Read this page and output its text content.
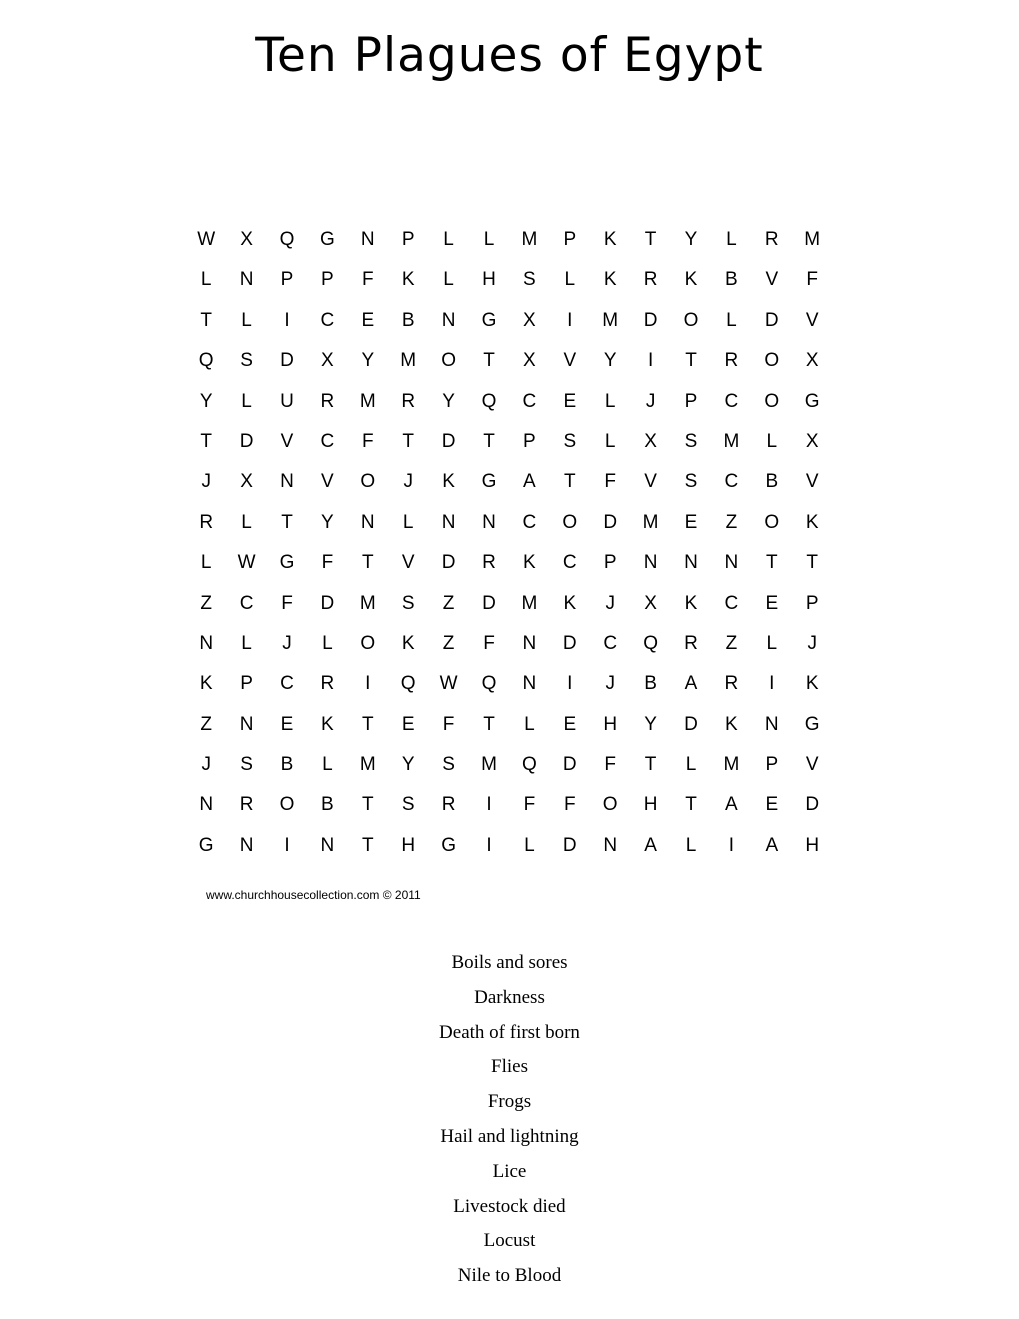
Ten Plagues of Egypt
W	X	Q	G	N	P	L	L	M	P	K	T	Y	L	R	M
L	N	P	P	F	K	L	H	S	L	K	R	K	B	V	F
T	L	I	C	E	B	N	G	X	I	M	D	O	L	D	V
Q	S	D	X	Y	M	O	T	X	V	Y	I	T	R	O	X
Y	L	U	R	M	R	Y	Q	C	E	L	J	P	C	O	G
T	D	V	C	F	T	D	T	P	S	L	X	S	M	L	X
J	X	N	V	O	J	K	G	A	T	F	V	S	C	B	V
R	L	T	Y	N	L	N	N	C	O	D	M	E	Z	O	K
L	W	G	F	T	V	D	R	K	C	P	N	N	N	T	T
Z	C	F	D	M	S	Z	D	M	K	J	X	K	C	E	P
N	L	J	L	O	K	Z	F	N	D	C	Q	R	Z	L	J
K	P	C	R	I	Q	W	Q	N	I	J	B	A	R	I	K
Z	N	E	K	T	E	F	T	L	E	H	Y	D	K	N	G
J	S	B	L	M	Y	S	M	Q	D	F	T	L	M	P	V
N	R	O	B	T	S	R	I	F	F	O	H	T	A	E	D
G	N	I	N	T	H	G	I	L	D	N	A	L	I	A	H
www.churchhousecollection.com © 2011
Boils and sores
Darkness
Death of first born
Flies
Frogs
Hail and lightning
Lice
Livestock died
Locust
Nile to Blood
